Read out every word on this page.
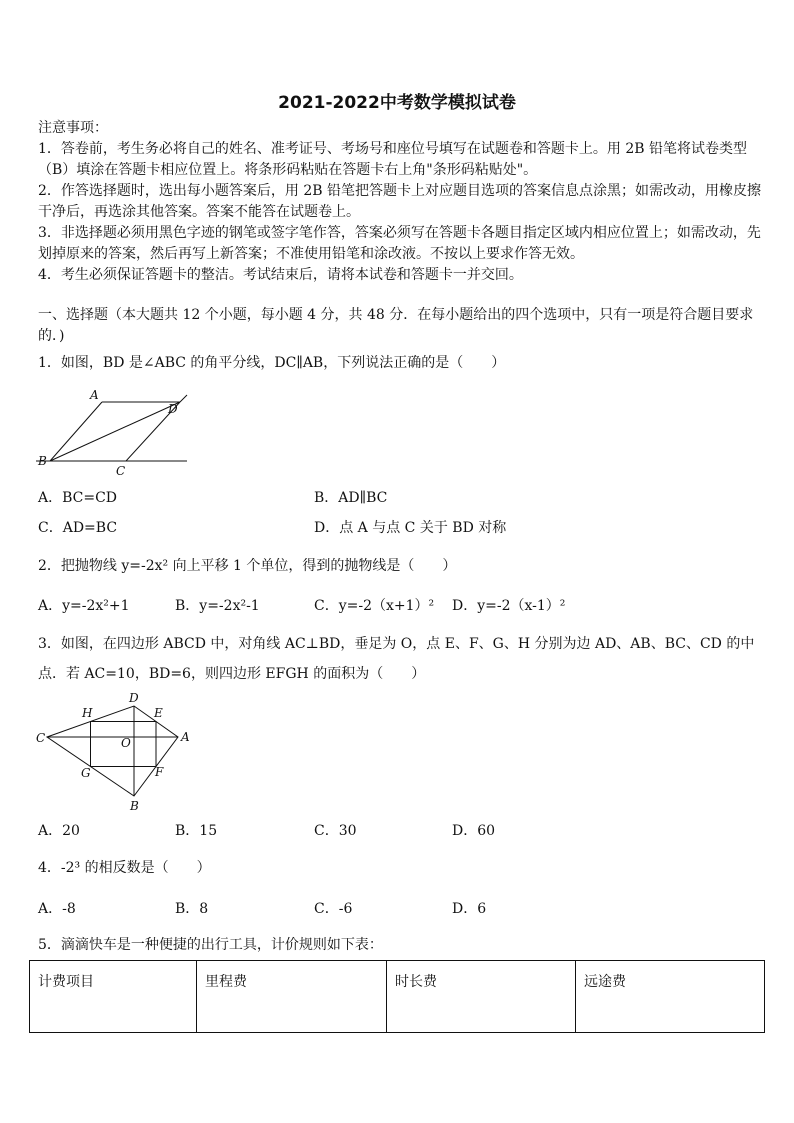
2021-2022中考数学模拟试卷
注意事项：
1．答卷前，考生务必将自己的姓名、准考证号、考场号和座位号填写在试题卷和答题卡上。用 2B 铅笔将试卷类型
（B）填涂在答题卡相应位置上。将条形码粘贴在答题卡右上角"条形码粘贴处"。
2．作答选择题时，选出每小题答案后，用 2B 铅笔把答题卡上对应题目选项的答案信息点涂黑；如需改动，用橡皮擦
干净后，再选涂其他答案。答案不能答在试题卷上。
3．非选择题必须用黑色字迹的钢笔或签字笔作答，答案必须写在答题卡各题目指定区域内相应位置上；如需改动，先
划掉原来的答案，然后再写上新答案；不准使用铅笔和涂改液。不按以上要求作答无效。
4．考生必须保证答题卡的整洁。考试结束后，请将本试卷和答题卡一并交回。
一、选择题（本大题共 12 个小题，每小题 4 分，共 48 分．在每小题给出的四个选项中，只有一项是符合题目要求
的．)
1．如图，BD 是∠ABC 的角平分线，DC∥AB，下列说法正确的是（　　）
A
B
C
D
A．BC=CD	B．AD∥BC
C．AD=BC	D．点 A 与点 C 关于 BD 对称
2．把抛物线 y=-2x² 向上平移 1 个单位，得到的抛物线是（　　）
A．y=-2x²+1	B．y=-2x²-1	C．y=-2（x+1）² D．y=-2（x-1）²
3．如图，在四边形 ABCD 中，对角线 AC⊥BD，垂足为 O，点 E、F、G、H 分别为边 AD、AB、BC、CD 的中
点．若 AC=10，BD=6，则四边形 EFGH 的面积为（　　）
D
E
A
F
B
G
C
H
O
A．20	B．15	C．30	D．60
4．-2³ 的相反数是（　　）
A．-8	B．8	C．-6	D．6
5．滴滴快车是一种便捷的出行工具，计价规则如下表：
计费项目	里程费	时长费	远途费
